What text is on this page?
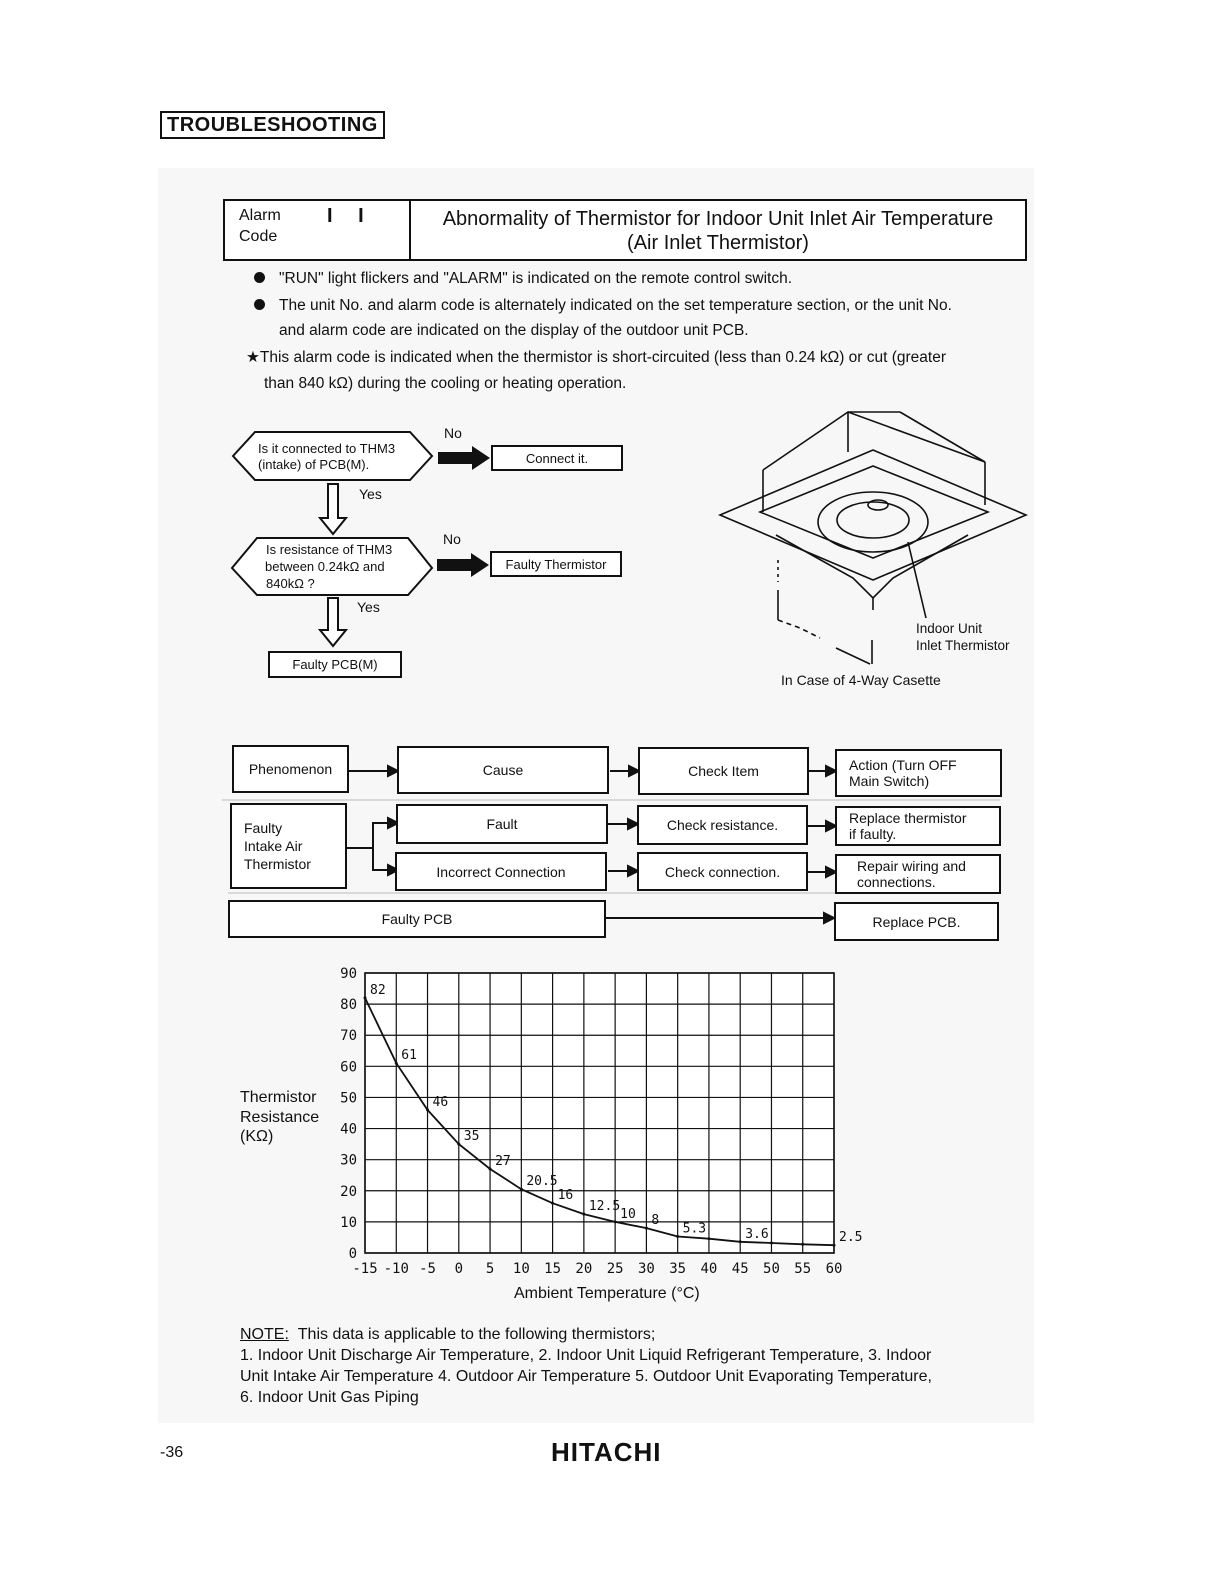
TROUBLESHOOTING
Alarm
Code
I I	Abnormality of Thermistor for Indoor Unit Inlet Air Temperature
(Air Inlet Thermistor)
"RUN" light flickers and "ALARM" is indicated on the remote control switch.
The unit No. and alarm code is alternately indicated on the set temperature section, or the unit No.
and alarm code are indicated on the display of the outdoor unit PCB.
★This alarm code is indicated when the thermistor is short-circuited (less than 0.24 kΩ) or cut (greater
than 840 kΩ) during the cooling or heating operation.
0
10
20
30
40
50
60
70
80
90
-15 -10 -5 0 5 10 15 20 25 30 35 40 45 50 55 60
82
61
46
35
27
20.5
16
12.5
10 8
5.3	3.6	2.5
Is it connected to THM3
(intake) of PCB(M).
No
Yes
Connect it.
Is resistance of THM3
between 0.24kΩ and
840kΩ ?
No
Yes
Faulty Thermistor
Faulty PCB(M)
Indoor Unit
Inlet Thermistor
In Case of 4-Way Casette
Phenomenon	Cause	Check Item	Action (Turn OFF
Main Switch)
Faulty
Intake Air
Thermistor
Fault	Check resistance.	Replace thermistor
if faulty.
Incorrect Connection	Check connection.	Repair wiring and
connections.
Faulty PCB	Replace PCB.
Thermistor
Resistance
(KΩ)
Ambient Temperature (°C)
NOTE: This data is applicable to the following thermistors;
1. Indoor Unit Discharge Air Temperature, 2. Indoor Unit Liquid Refrigerant Temperature, 3. Indoor
Unit Intake Air Temperature 4. Outdoor Air Temperature 5. Outdoor Unit Evaporating Temperature,
6. Indoor Unit Gas Piping
-36	HITACHI
